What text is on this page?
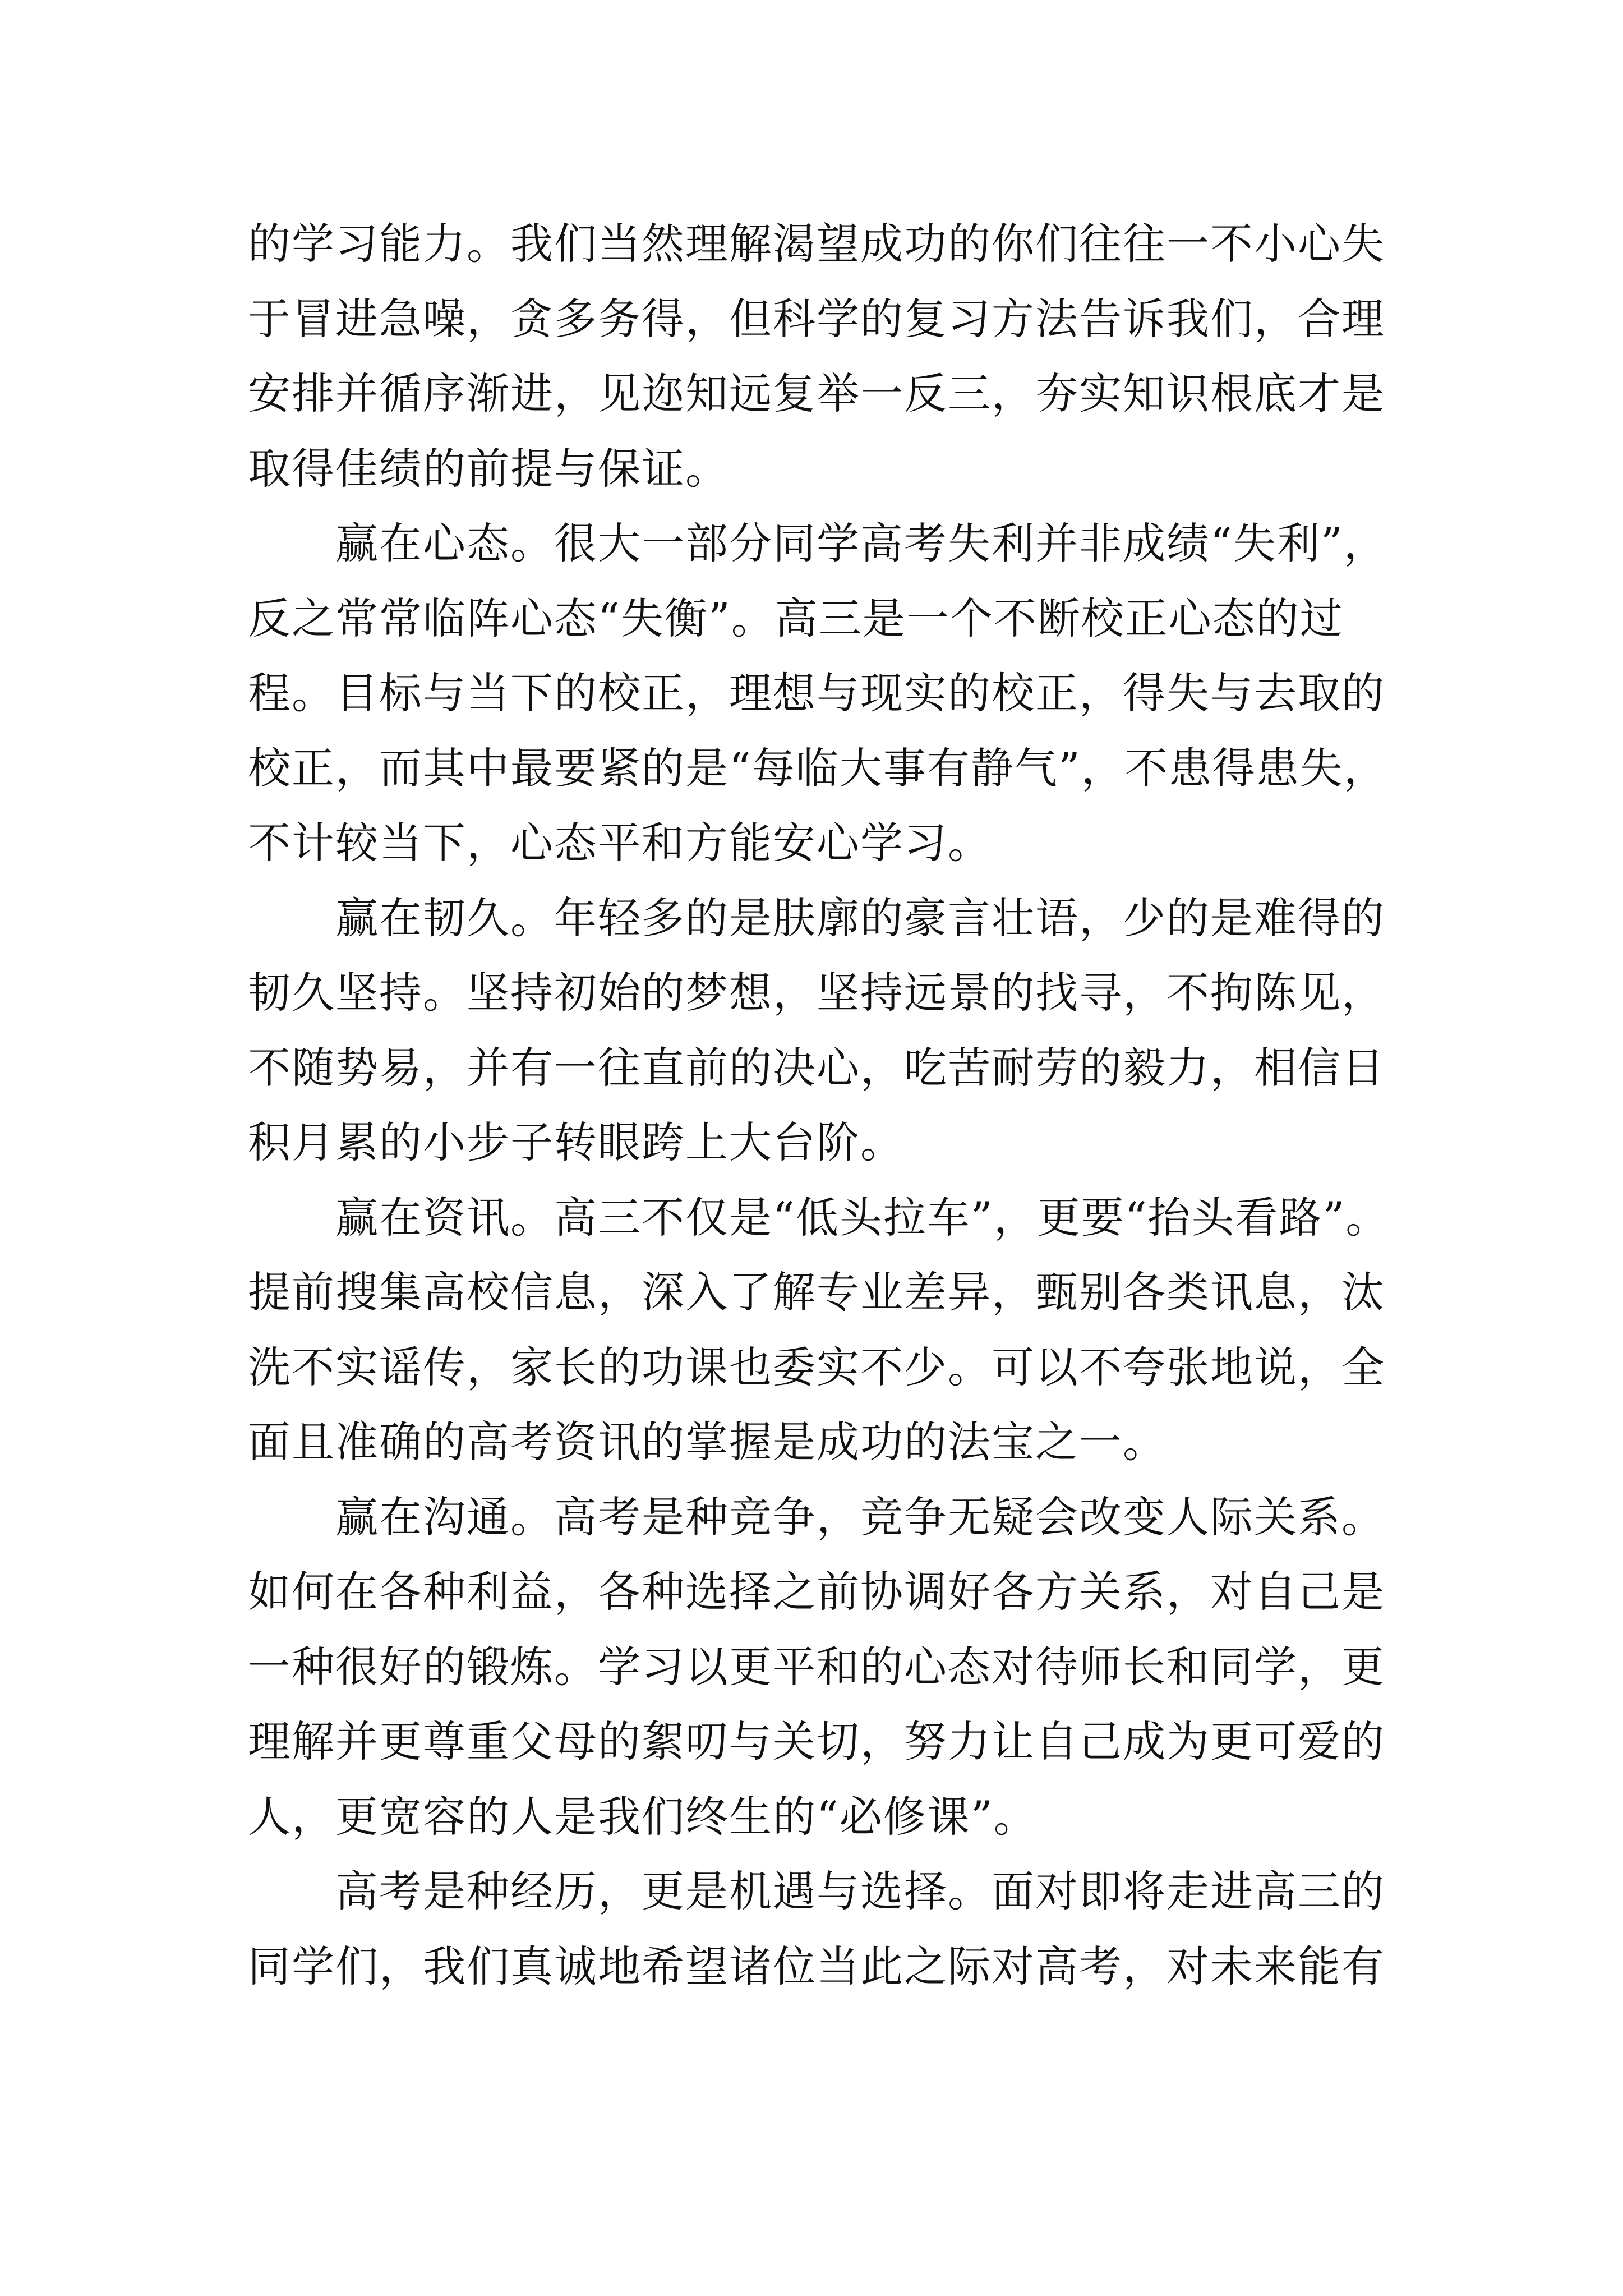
的学习能力。我们当然理解渴望成功的你们往往一不小心失
于冒进急噪，贪多务得，但科学的复习方法告诉我们，合理
安排并循序渐进，见迩知远复举一反三，夯实知识根底才是
取得佳绩的前提与保证。
赢在心态。很大一部分同学高考失利并非成绩“失利”，
反之常常临阵心态“失衡”。高三是一个不断校正心态的过
程。目标与当下的校正，理想与现实的校正，得失与去取的
校正，而其中最要紧的是“每临大事有静气”，不患得患失，
不计较当下，心态平和方能安心学习。
赢在韧久。年轻多的是肤廓的豪言壮语，少的是难得的
韧久坚持。坚持初始的梦想，坚持远景的找寻，不拘陈见，
不随势易，并有一往直前的决心，吃苦耐劳的毅力，相信日
积月累的小步子转眼跨上大台阶。
赢在资讯。高三不仅是“低头拉车”，更要“抬头看路”。
提前搜集高校信息，深入了解专业差异，甄别各类讯息，汰
洗不实谣传，家长的功课也委实不少。可以不夸张地说，全
面且准确的高考资讯的掌握是成功的法宝之一。
赢在沟通。高考是种竞争，竞争无疑会改变人际关系。
如何在各种利益，各种选择之前协调好各方关系，对自己是
一种很好的锻炼。学习以更平和的心态对待师长和同学，更
理解并更尊重父母的絮叨与关切，努力让自己成为更可爱的
人，更宽容的人是我们终生的“必修课”。
高考是种经历，更是机遇与选择。面对即将走进高三的
同学们，我们真诚地希望诸位当此之际对高考，对未来能有
